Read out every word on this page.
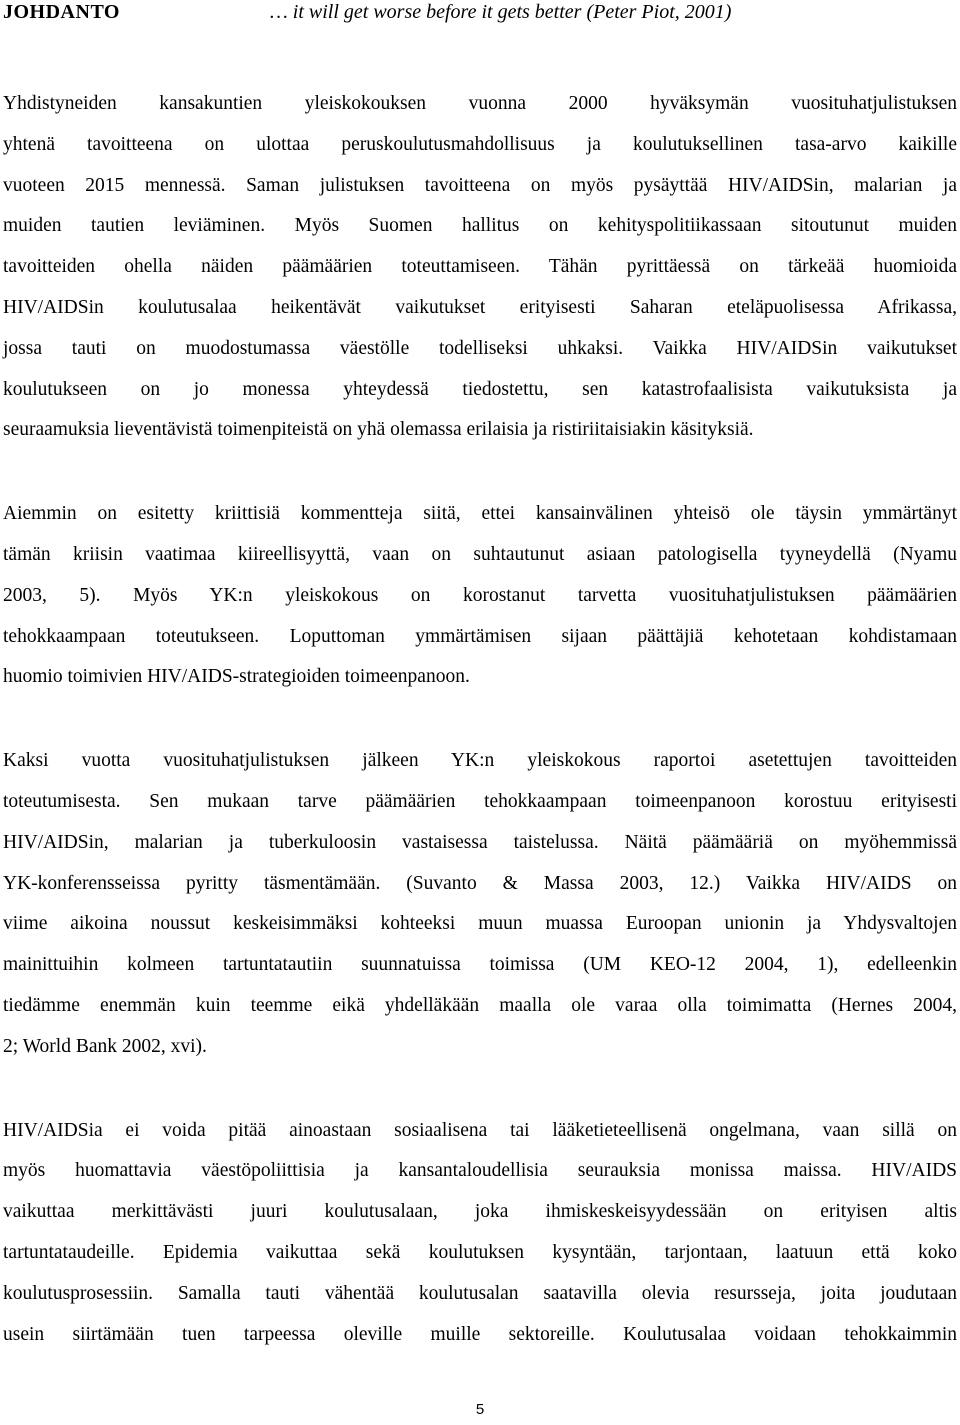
JOHDANTO	… it will get worse before it gets better (Peter Piot, 2001)
Yhdistyneiden kansakuntien yleiskokouksen vuonna 2000 hyväksymän vuosituhatjulistuksen
yhtenä tavoitteena on ulottaa peruskoulutusmahdollisuus ja koulutuksellinen tasa-arvo kaikille
vuoteen 2015 mennessä. Saman julistuksen tavoitteena on myös pysäyttää HIV/AIDSin, malarian ja
muiden tautien leviäminen. Myös Suomen hallitus on kehityspolitiikassaan sitoutunut muiden
tavoitteiden ohella näiden päämäärien toteuttamiseen. Tähän pyrittäessä on tärkeää huomioida
HIV/AIDSin koulutusalaa heikentävät vaikutukset erityisesti Saharan eteläpuolisessa Afrikassa,
jossa tauti on muodostumassa väestölle todelliseksi uhkaksi. Vaikka HIV/AIDSin vaikutukset
koulutukseen on jo monessa yhteydessä tiedostettu, sen katastrofaalisista vaikutuksista ja
seuraamuksia lieventävistä toimenpiteistä on yhä olemassa erilaisia ja ristiriitaisiakin käsityksiä.
Aiemmin on esitetty kriittisiä kommentteja siitä, ettei kansainvälinen yhteisö ole täysin ymmärtänyt
tämän kriisin vaatimaa kiireellisyyttä, vaan on suhtautunut asiaan patologisella tyyneydellä (Nyamu
2003, 5). Myös YK:n yleiskokous on korostanut tarvetta vuosituhatjulistuksen päämäärien
tehokkaampaan toteutukseen. Loputtoman ymmärtämisen sijaan päättäjiä kehotetaan kohdistamaan
huomio toimivien HIV/AIDS-strategioiden toimeenpanoon.
Kaksi vuotta vuosituhatjulistuksen jälkeen YK:n yleiskokous raportoi asetettujen tavoitteiden
toteutumisesta. Sen mukaan tarve päämäärien tehokkaampaan toimeenpanoon korostuu erityisesti
HIV/AIDSin, malarian ja tuberkuloosin vastaisessa taistelussa. Näitä päämääriä on myöhemmissä
YK-konferensseissa pyritty täsmentämään. (Suvanto & Massa 2003, 12.) Vaikka HIV/AIDS on
viime aikoina noussut keskeisimmäksi kohteeksi muun muassa Euroopan unionin ja Yhdysvaltojen
mainittuihin kolmeen tartuntatautiin suunnatuissa toimissa (UM KEO-12 2004, 1), edelleenkin
tiedämme enemmän kuin teemme eikä yhdelläkään maalla ole varaa olla toimimatta (Hernes 2004,
2; World Bank 2002, xvi).
HIV/AIDSia ei voida pitää ainoastaan sosiaalisena tai lääketieteellisenä ongelmana, vaan sillä on
myös huomattavia väestöpoliittisia ja kansantaloudellisia seurauksia monissa maissa. HIV/AIDS
vaikuttaa merkittävästi juuri koulutusalaan, joka ihmiskeskeisyydessään on erityisen altis
tartuntataudeille. Epidemia vaikuttaa sekä koulutuksen kysyntään, tarjontaan, laatuun että koko
koulutusprosessiin. Samalla tauti vähentää koulutusalan saatavilla olevia resursseja, joita joudutaan
usein siirtämään tuen tarpeessa oleville muille sektoreille. Koulutusalaa voidaan tehokkaimmin
5
